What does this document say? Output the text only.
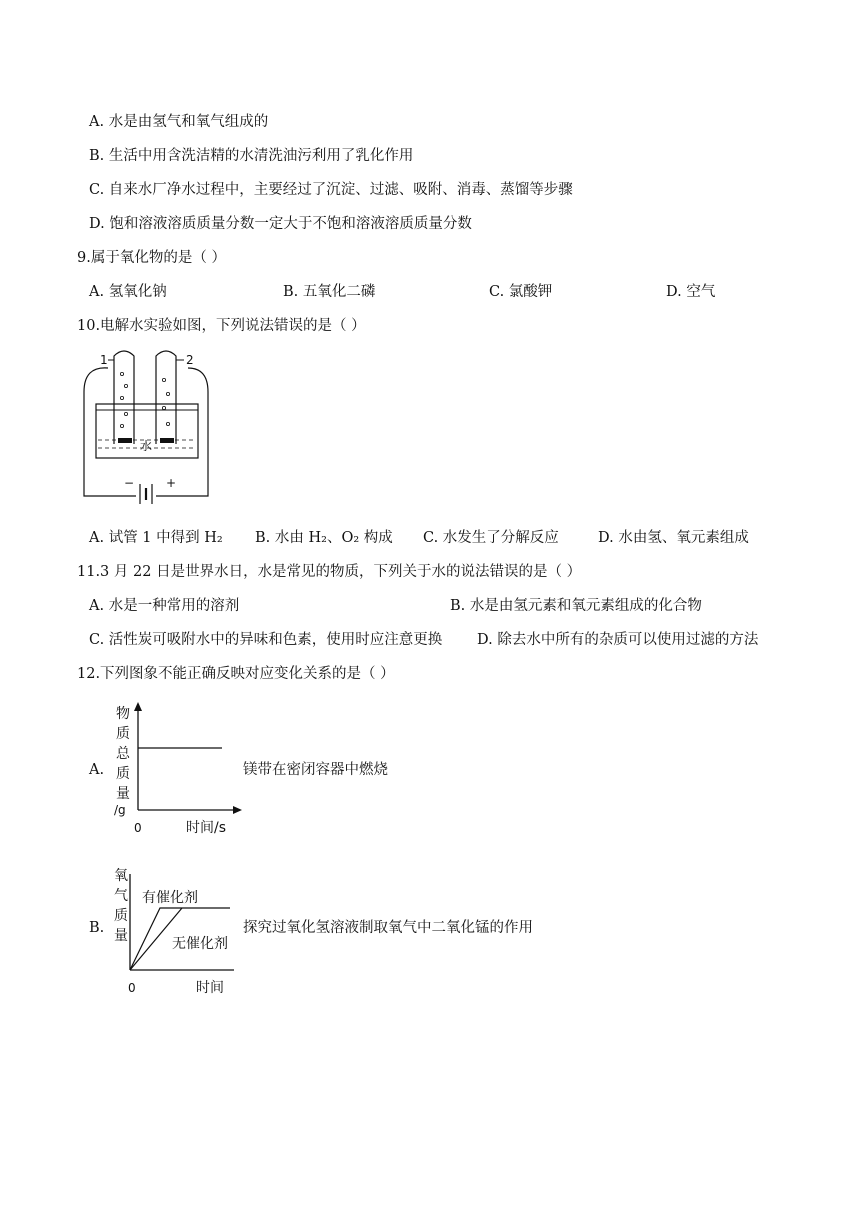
A. 水是由氢气和氧气组成的
B. 生活中用含洗洁精的水清洗油污利用了乳化作用
C. 自来水厂净水过程中，主要经过了沉淀、过滤、吸附、消毒、蒸馏等步骤
D. 饱和溶液溶质质量分数一定大于不饱和溶液溶质质量分数
9.属于氧化物的是（ ）
A. 氢氧化钠	B. 五氧化二磷	C. 氯酸钾	D. 空气
10.电解水实验如图，下列说法错误的是（ ）
1	2
水
−	+
A. 试管 1 中得到 H₂ B. 水由 H₂、O₂ 构成 C. 水发生了分解反应	D. 水由氢、氧元素组成
11.3 月 22 日是世界水日，水是常见的物质，下列关于水的说法错误的是（ ）
A. 水是一种常用的溶剂	B. 水是由氢元素和氧元素组成的化合物
C. 活性炭可吸附水中的异味和色素，使用时应注意更换 D. 除去水中所有的杂质可以使用过滤的方法
12.下列图象不能正确反映对应变化关系的是（ ）
A.
物
质
总
质
量
/g
0	时间/s
镁带在密闭容器中燃烧
B.
氧
气
质
量
有催化剂
无催化剂
0	时间
探究过氧化氢溶液制取氧气中二氧化锰的作用
